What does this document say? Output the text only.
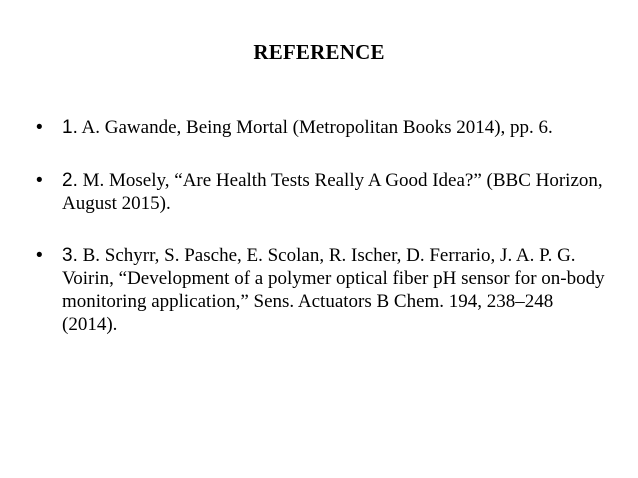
REFERENCE
• 1. A. Gawande, Being Mortal (Metropolitan Books 2014), pp. 6.
• 2. M. Mosely, “Are Health Tests Really A Good Idea?” (BBC Horizon, August 2015).
• 3. B. Schyrr, S. Pasche, E. Scolan, R. Ischer, D. Ferrario, J. A. P. G. Voirin, “Development of a polymer optical fiber pH sensor for on-body monitoring application,” Sens. Actuators B Chem. 194, 238–248 (2014).
